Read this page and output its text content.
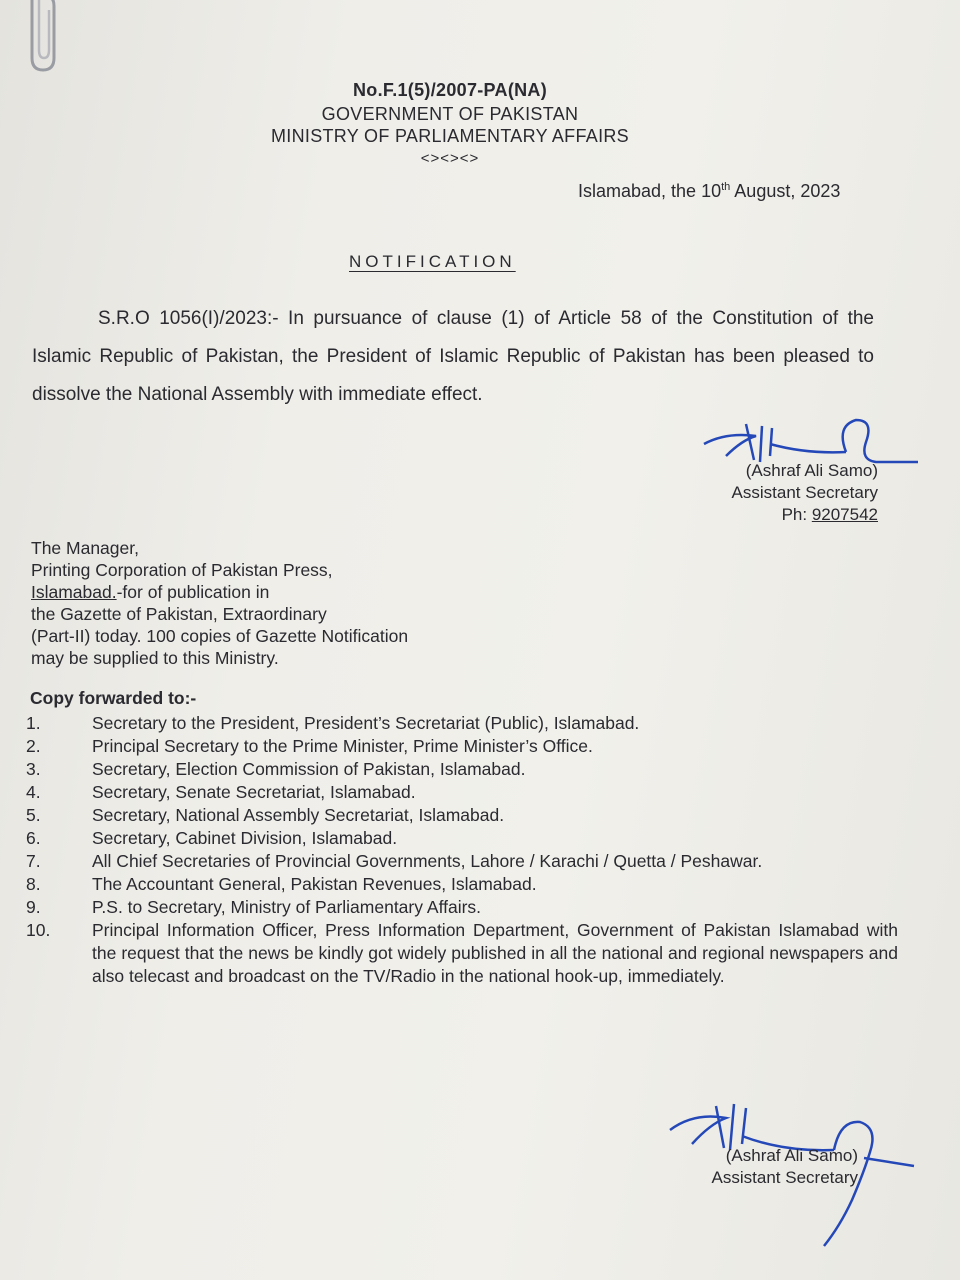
No.F.1(5)/2007-PA(NA)
GOVERNMENT OF PAKISTAN
MINISTRY OF PARLIAMENTARY AFFAIRS
<><><>
Islamabad, the 10th August, 2023
NOTIFICATION
S.R.O 1056(I)/2023:- In pursuance of clause (1) of Article 58 of the Constitution of the Islamic Republic of Pakistan, the President of Islamic Republic of Pakistan has been pleased to dissolve the National Assembly with immediate effect.
(Ashraf Ali Samo)
Assistant Secretary
Ph: 9207542
The Manager,
Printing Corporation of Pakistan Press,
Islamabad.-for of publication in
the Gazette of Pakistan, Extraordinary
(Part-II) today. 100 copies of Gazette Notification
may be supplied to this Ministry.
Copy forwarded to:-
1.	Secretary to the President, President’s Secretariat (Public), Islamabad.
2.	Principal Secretary to the Prime Minister, Prime Minister’s Office.
3.	Secretary, Election Commission of Pakistan, Islamabad.
4.	Secretary, Senate Secretariat, Islamabad.
5.	Secretary, National Assembly Secretariat, Islamabad.
6.	Secretary, Cabinet Division, Islamabad.
7.	All Chief Secretaries of Provincial Governments, Lahore / Karachi / Quetta / Peshawar.
8.	The Accountant General, Pakistan Revenues, Islamabad.
9.	P.S. to Secretary, Ministry of Parliamentary Affairs.
10.	Principal Information Officer, Press Information Department, Government of Pakistan Islamabad with the request that the news be kindly got widely published in all the national and regional newspapers and also telecast and broadcast on the TV/Radio in the national hook-up, immediately.
(Ashraf Ali Samo)
Assistant Secretary
